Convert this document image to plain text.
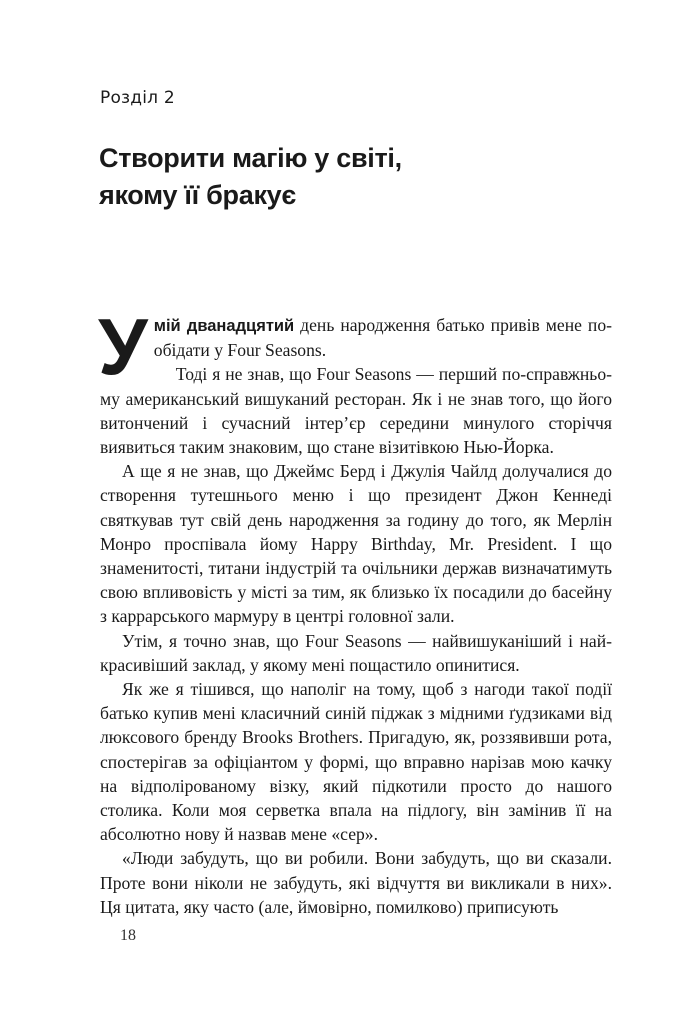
Розділ 2
Створити магію у світі,
якому її бракує

Умій дванадцятий день народження батько привів мене пообідати у Four Seasons.

Тоді я не знав, що Four Seasons — перший по-справжньому американський вишуканий ресторан. Як і не знав того, що його витончений і сучасний інтер’єр середини минулого сторіччя виявиться таким знаковим, що стане візитівкою Нью-Йорка.

А ще я не знав, що Джеймс Берд і Джулія Чайлд долучалися до створення тутешнього меню і що президент Джон Кеннеді святкував тут свій день народження за годину до того, як Мерлін Монро проспівала йому Happy Birthday, Mr. President. І що знаменитості, титани індустрій та очільники держав визначатимуть свою впливовість у місті за тим, як близько їх посадили до басейну з каррарського мармуру в центрі головної зали.

Утім, я точно знав, що Four Seasons — найвишуканіший і найкрасивіший заклад, у якому мені пощастило опинитися.

Як же я тішився, що наполіг на тому, щоб з нагоди такої події батько купив мені класичний синій піджак з мідними ґудзиками від люксового бренду Brooks Brothers. Пригадую, як, роззявивши рота, спостерігав за офіціантом у формі, що вправно нарізав мою качку на відполірованому візку, який підкотили просто до нашого столика. Коли моя серветка впала на підлогу, він замінив її на абсолютно нову й назвав мене «сер».

«Люди забудуть, що ви робили. Вони забудуть, що ви сказали. Проте вони ніколи не забудуть, які відчуття ви викликали в них». Ця цитата, яку часто (але, ймовірно, помилково) приписують

18
